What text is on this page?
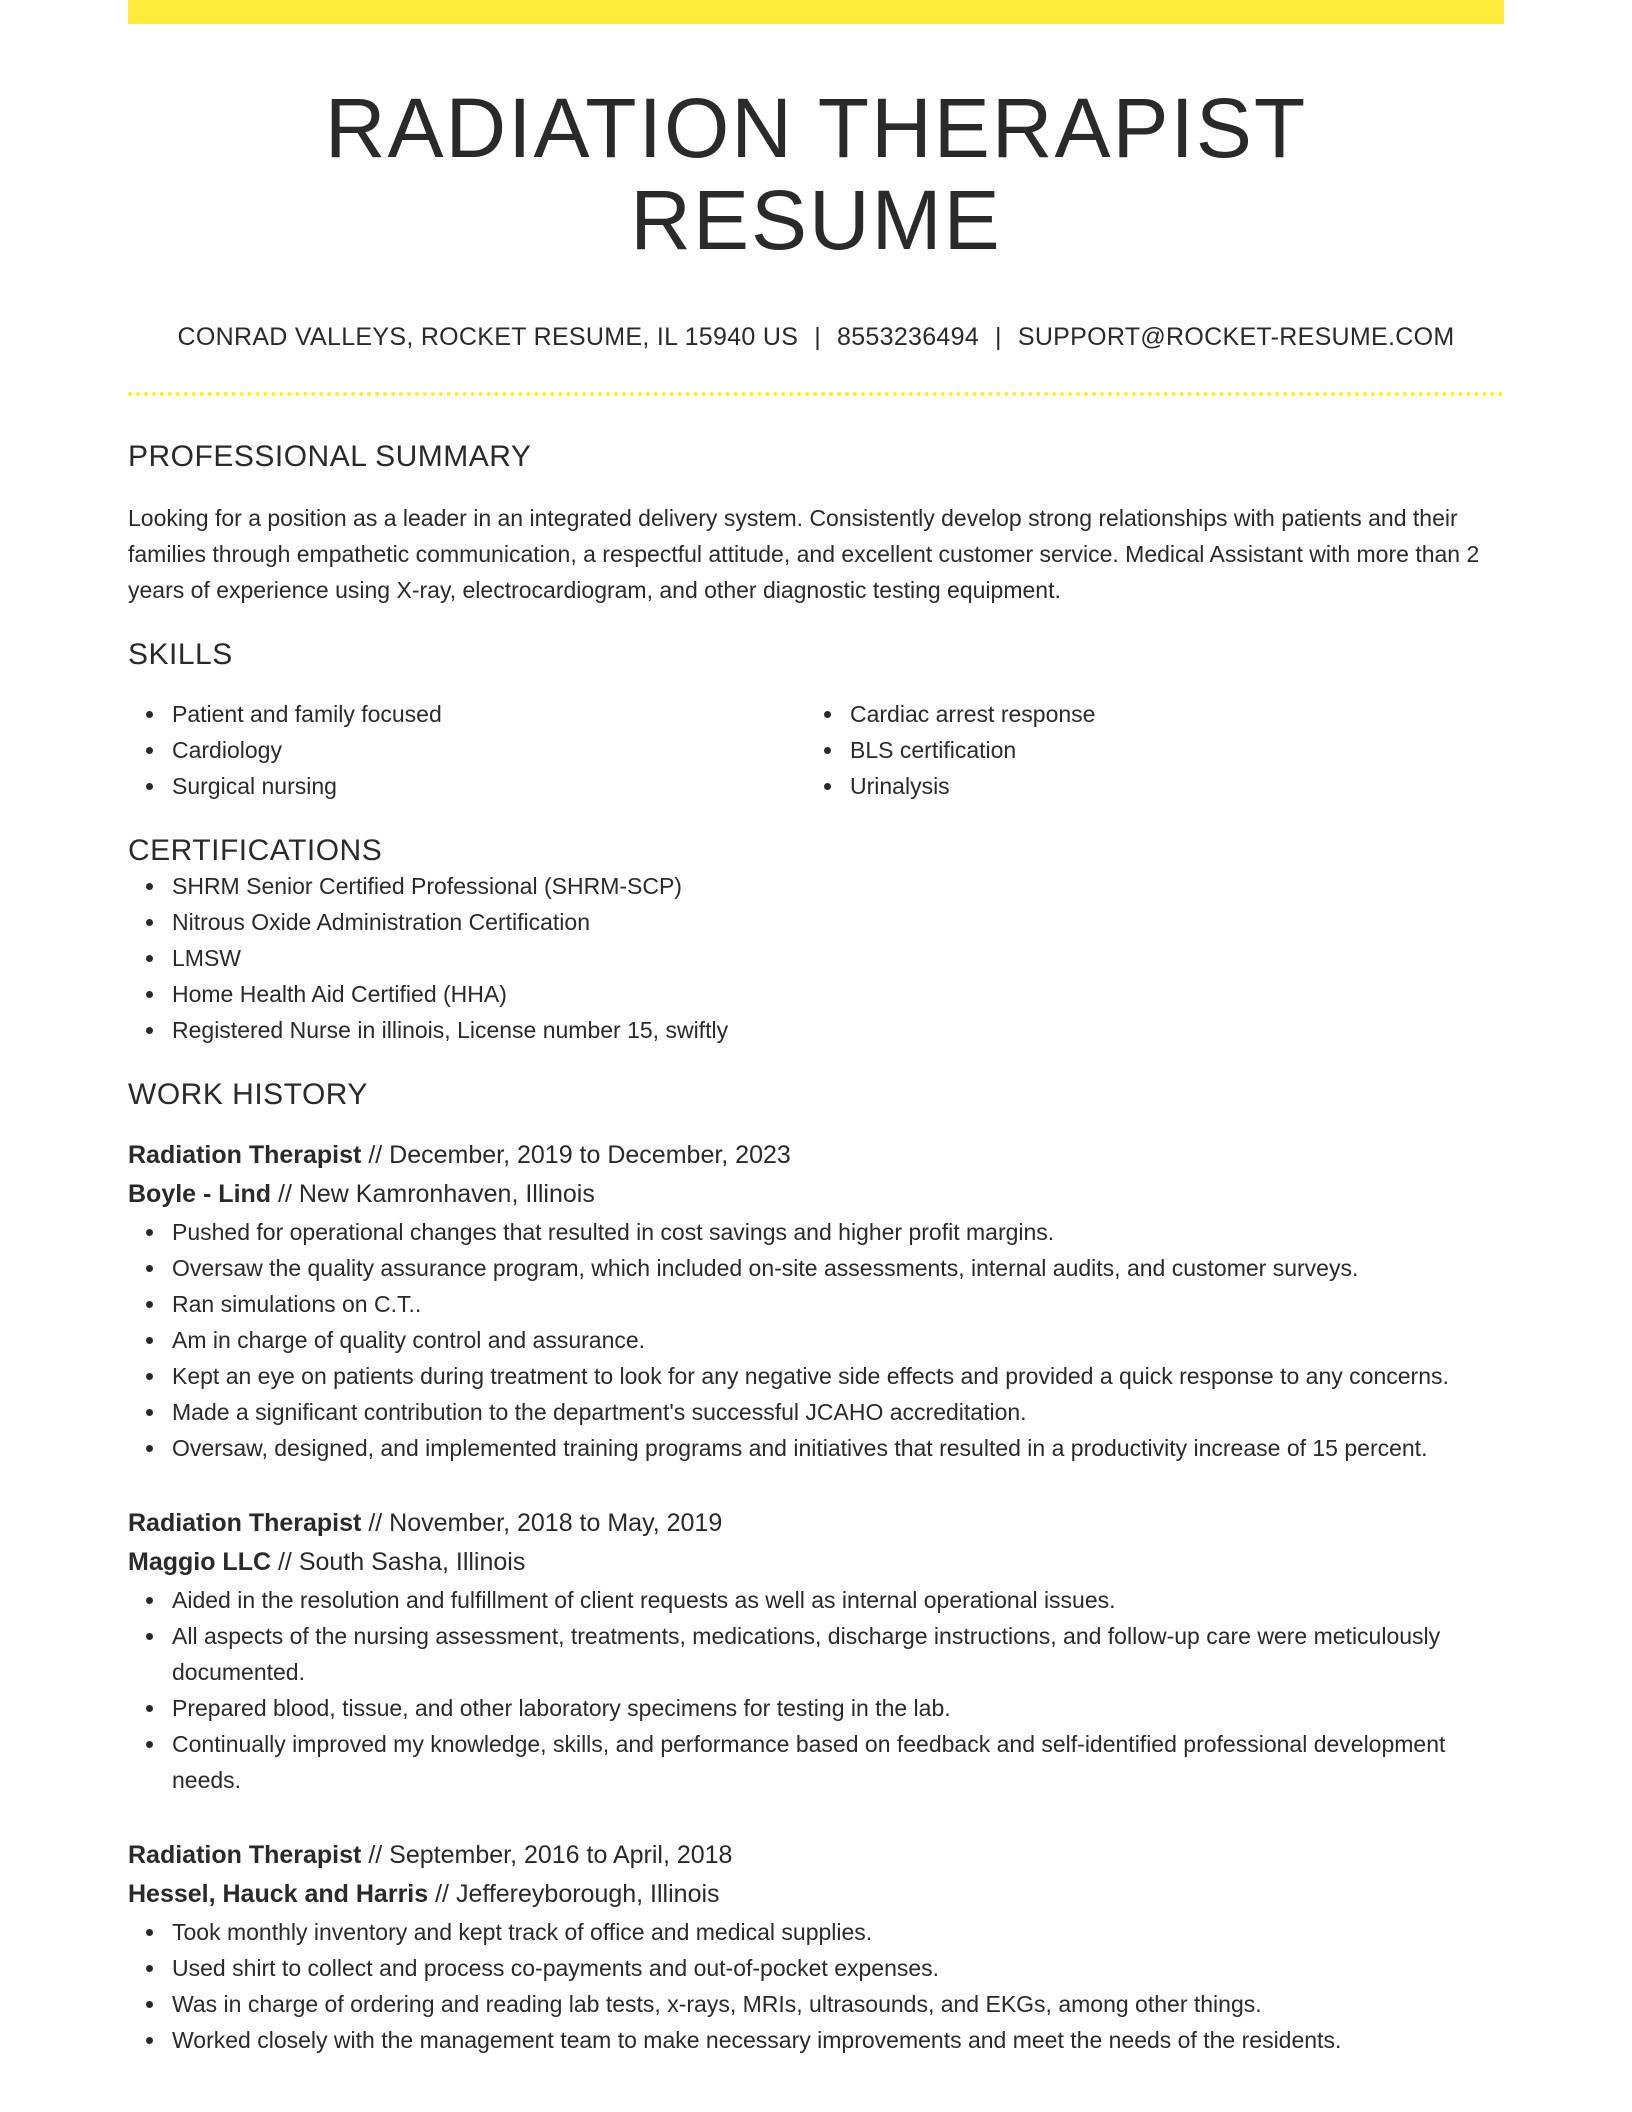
RADIATION THERAPIST RESUME
CONRAD VALLEYS, ROCKET RESUME, IL 15940 US | 8553236494 | SUPPORT@ROCKET-RESUME.COM
PROFESSIONAL SUMMARY

Looking for a position as a leader in an integrated delivery system. Consistently develop strong relationships with patients and their families through empathetic communication, a respectful attitude, and excellent customer service. Medical Assistant with more than 2 years of experience using X-ray, electrocardiogram, and other diagnostic testing equipment.

SKILLS
Patient and family focused
Cardiology
Surgical nursing
Cardiac arrest response
BLS certification
Urinalysis
CERTIFICATIONS
SHRM Senior Certified Professional (SHRM-SCP)
Nitrous Oxide Administration Certification
LMSW
Home Health Aid Certified (HHA)
Registered Nurse in illinois, License number 15, swiftly
WORK HISTORY
Radiation Therapist // December, 2019 to December, 2023
Boyle - Lind // New Kamronhaven, Illinois
Pushed for operational changes that resulted in cost savings and higher profit margins.
Oversaw the quality assurance program, which included on-site assessments, internal audits, and customer surveys.
Ran simulations on C.T..
Am in charge of quality control and assurance.
Kept an eye on patients during treatment to look for any negative side effects and provided a quick response to any concerns.
Made a significant contribution to the department's successful JCAHO accreditation.
Oversaw, designed, and implemented training programs and initiatives that resulted in a productivity increase of 15 percent.
Radiation Therapist // November, 2018 to May, 2019
Maggio LLC // South Sasha, Illinois
Aided in the resolution and fulfillment of client requests as well as internal operational issues.
All aspects of the nursing assessment, treatments, medications, discharge instructions, and follow-up care were meticulously documented.
Prepared blood, tissue, and other laboratory specimens for testing in the lab.
Continually improved my knowledge, skills, and performance based on feedback and self-identified professional development needs.
Radiation Therapist // September, 2016 to April, 2018
Hessel, Hauck and Harris // Jeffereyborough, Illinois
Took monthly inventory and kept track of office and medical supplies.
Used shirt to collect and process co-payments and out-of-pocket expenses.
Was in charge of ordering and reading lab tests, x-rays, MRIs, ultrasounds, and EKGs, among other things.
Worked closely with the management team to make necessary improvements and meet the needs of the residents.
